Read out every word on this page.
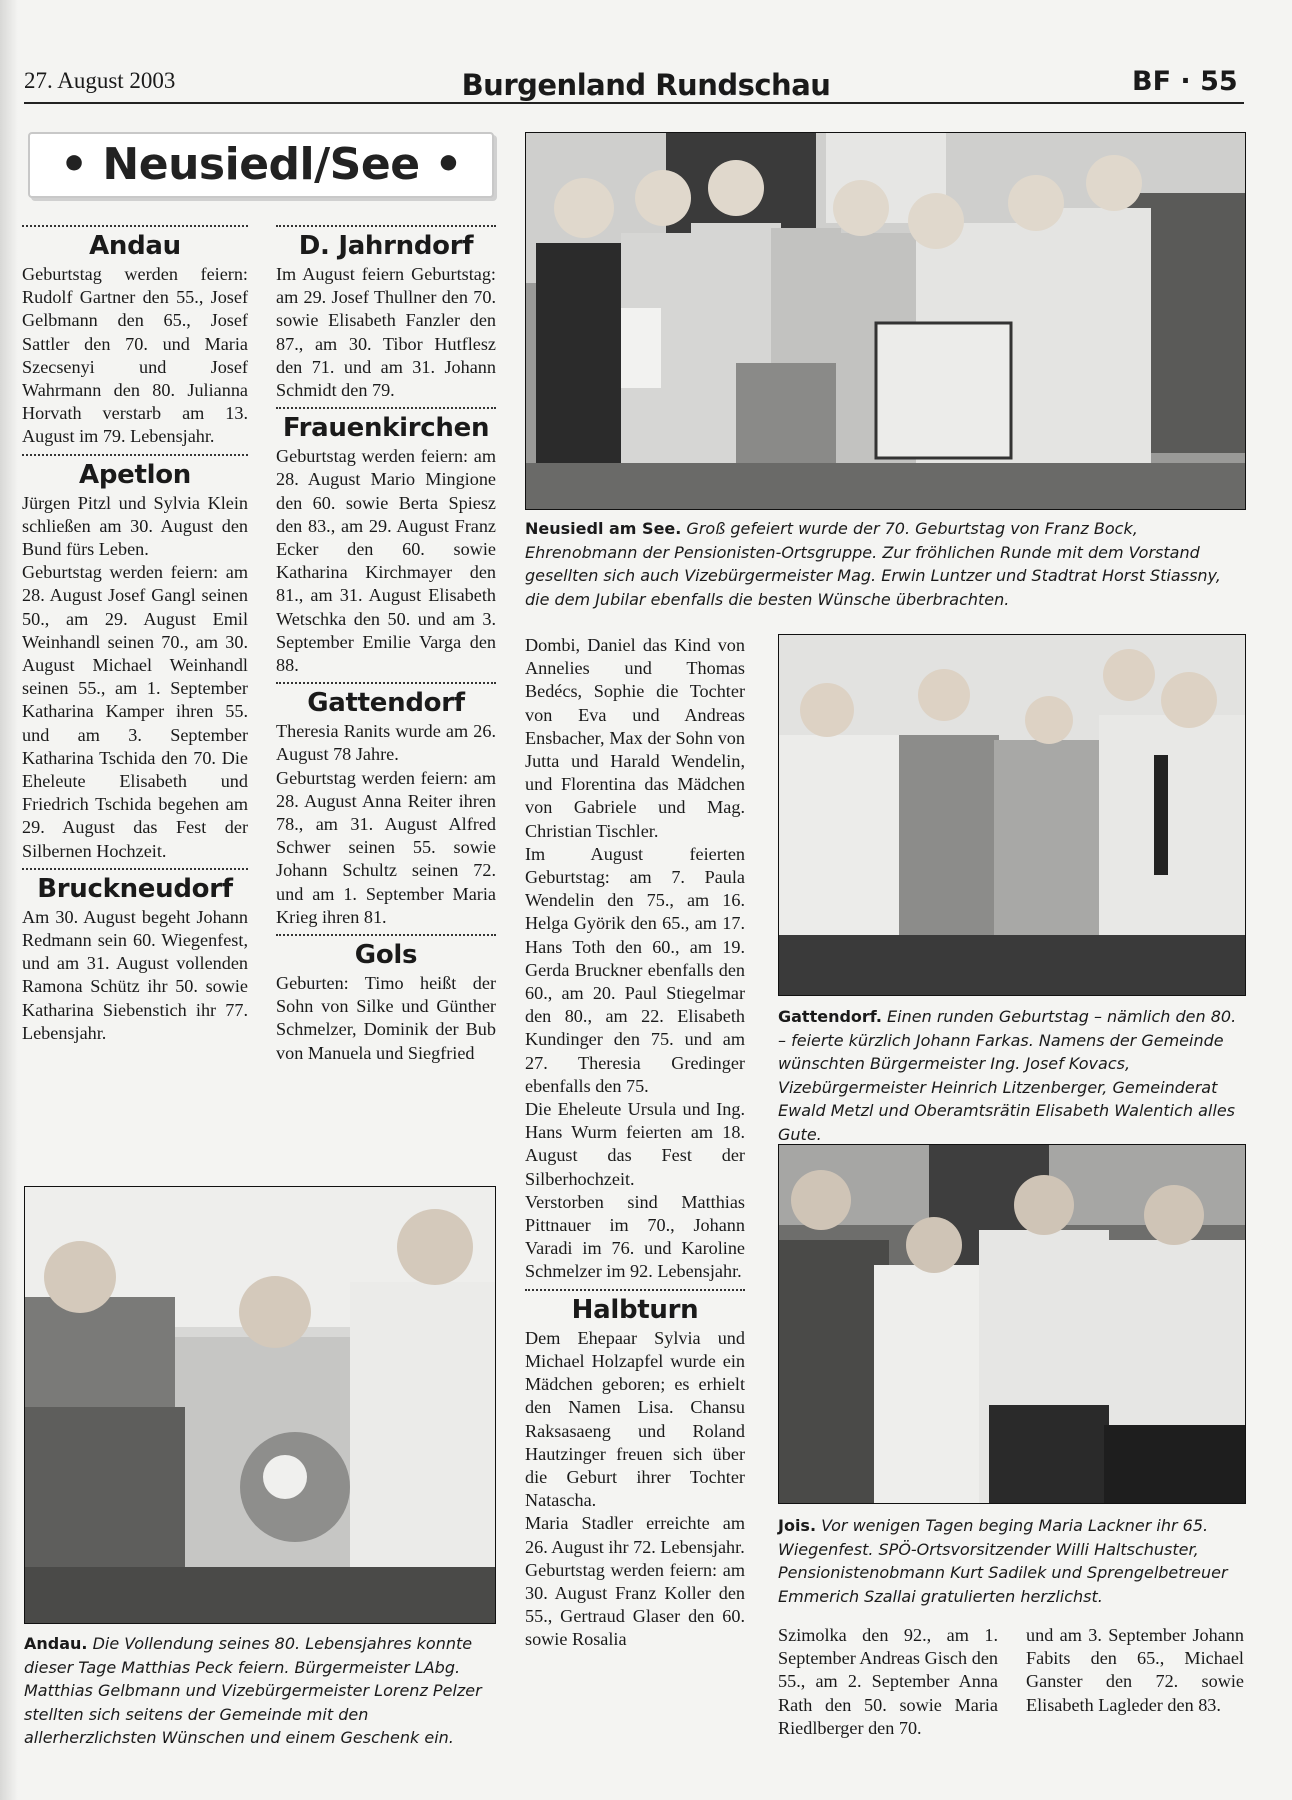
27. August 2003	Burgenland Rundschau	BF · 55
• Neusiedl/See •
Andau

Geburtstag werden feiern: Rudolf Gartner den 55., Josef Gelbmann den 65., Josef Sattler den 70. und Maria Szecsenyi und Josef Wahrmann den 80. Julianna Horvath verstarb am 13. August im 79. Lebensjahr.

Apetlon

Jürgen Pitzl und Sylvia Klein schließen am 30. August den Bund fürs Leben.

Geburtstag werden feiern: am 28. August Josef Gangl seinen 50., am 29. August Emil Weinhandl seinen 70., am 30. August Michael Weinhandl seinen 55., am 1. September Katharina Kamper ihren 55. und am 3. September Katharina Tschida den 70. Die Eheleute Elisabeth und Friedrich Tschida begehen am 29. August das Fest der Silbernen Hochzeit.

Bruckneudorf

Am 30. August begeht Johann Redmann sein 60. Wiegenfest, und am 31. August vollenden Ramona Schütz ihr 50. sowie Katharina Siebenstich ihr 77. Lebensjahr.

D. Jahrndorf

Im August feiern Geburtstag: am 29. Josef Thullner den 70. sowie Elisabeth Fanzler den 87., am 30. Tibor Hutflesz den 71. und am 31. Johann Schmidt den 79.

Frauenkirchen

Geburtstag werden feiern: am 28. August Mario Mingione den 60. sowie Berta Spiesz den 83., am 29. August Franz Ecker den 60. sowie Katharina Kirchmayer den 81., am 31. August Elisabeth Wetschka den 50. und am 3. September Emilie Varga den 88.

Gattendorf

Theresia Ranits wurde am 26. August 78 Jahre.

Geburtstag werden feiern: am 28. August Anna Reiter ihren 78., am 31. August Alfred Schwer seinen 55. sowie Johann Schultz seinen 72. und am 1. September Maria Krieg ihren 81.

Gols

Geburten: Timo heißt der Sohn von Silke und Günther Schmelzer, Dominik der Bub von Manuela und Siegfried

Neusiedl am See. Groß gefeiert wurde der 70. Geburtstag von Franz Bock, Ehrenobmann der Pensionisten-Ortsgruppe. Zur fröhlichen Runde mit dem Vorstand gesellten sich auch Vizebürgermeister Mag. Erwin Luntzer und Stadtrat Horst Stiassny, die dem Jubilar ebenfalls die besten Wünsche überbrachten.

Dombi, Daniel das Kind von Annelies und Thomas Bedécs, Sophie die Tochter von Eva und Andreas Ensbacher, Max der Sohn von Jutta und Harald Wendelin, und Florentina das Mädchen von Gabriele und Mag. Christian Tischler.

Im August feierten Geburtstag: am 7. Paula Wendelin den 75., am 16. Helga Györik den 65., am 17. Hans Toth den 60., am 19. Gerda Bruckner ebenfalls den 60., am 20. Paul Stiegelmar den 80., am 22. Elisabeth Kundinger den 75. und am 27. Theresia Gredinger ebenfalls den 75.

Die Eheleute Ursula und Ing. Hans Wurm feierten am 18. August das Fest der Silberhochzeit.

Verstorben sind Matthias Pittnauer im 70., Johann Varadi im 76. und Karoline Schmelzer im 92. Lebensjahr.

Halbturn

Dem Ehepaar Sylvia und Michael Holzapfel wurde ein Mädchen geboren; es erhielt den Namen Lisa. Chansu Raksasaeng und Roland Hautzinger freuen sich über die Geburt ihrer Tochter Natascha.

Maria Stadler erreichte am 26. August ihr 72. Lebensjahr.

Geburtstag werden feiern: am 30. August Franz Koller den 55., Gertraud Glaser den 60. sowie Rosalia

Gattendorf. Einen runden Geburtstag – nämlich den 80. – feierte kürzlich Johann Farkas. Namens der Gemeinde wünschten Bürgermeister Ing. Josef Kovacs, Vizebürgermeister Heinrich Litzenberger, Gemeinderat Ewald Metzl und Oberamtsrätin Elisabeth Walentich alles Gute.
Jois. Vor wenigen Tagen beging Maria Lackner ihr 65. Wiegenfest. SPÖ-Ortsvorsitzender Willi Haltschuster, Pensionistenobmann Kurt Sadilek und Sprengelbetreuer Emmerich Szallai gratulierten herzlichst.

Szimolka den 92., am 1. September Andreas Gisch den 55., am 2. September Anna Rath den 50. sowie Maria Riedlberger den 70.

und am 3. September Johann Fabits den 65., Michael Ganster den 72. sowie Elisabeth Lagleder den 83.

Andau. Die Vollendung seines 80. Lebensjahres konnte dieser Tage Matthias Peck feiern. Bürgermeister LAbg. Matthias Gelbmann und Vizebürgermeister Lorenz Pelzer stellten sich seitens der Gemeinde mit den allerherzlichsten Wünschen und einem Geschenk ein.
